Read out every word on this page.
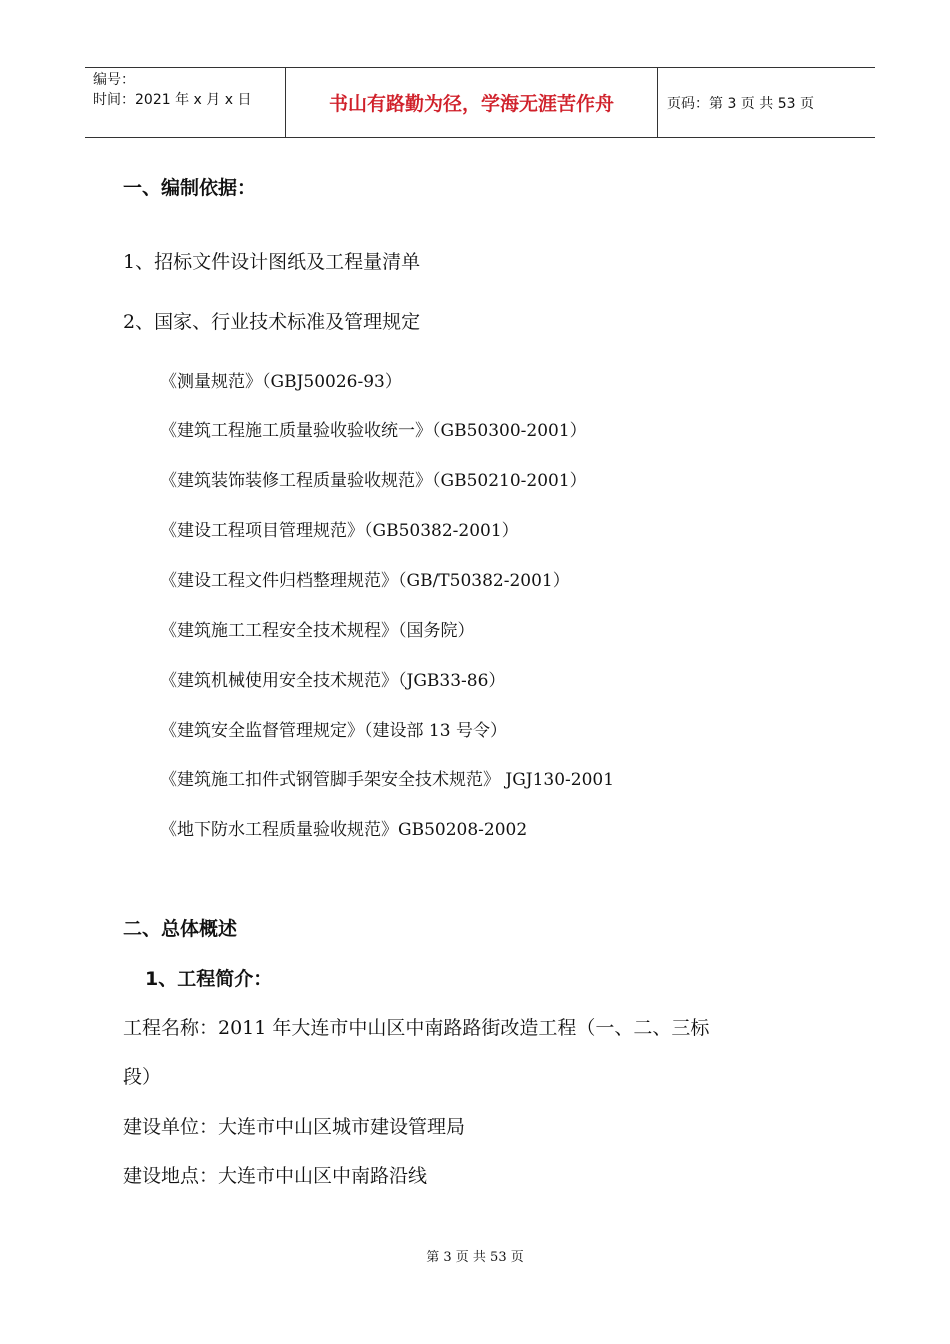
编号：
时间：2021 年 x 月 x 日	书山有路勤为径，学海无涯苦作舟	页码：第 3 页 共 53 页
一、编制依据：
1、招标文件设计图纸及工程量清单
2、国家、行业技术标准及管理规定
《测量规范》（GBJ50026-93）
《建筑工程施工质量验收验收统一》（GB50300-2001）
《建筑装饰装修工程质量验收规范》（GB50210-2001）
《建设工程项目管理规范》（GB50382-2001）
《建设工程文件归档整理规范》（GB/T50382-2001）
《建筑施工工程安全技术规程》（国务院）
《建筑机械使用安全技术规范》（JGB33-86）
《建筑安全监督管理规定》（建设部 13 号令）
《建筑施工扣件式钢管脚手架安全技术规范》 JGJ130-2001
《地下防水工程质量验收规范》GB50208-2002
二、总体概述
1、工程简介：
工程名称：2011 年大连市中山区中南路路街改造工程（一、二、三标
段）
建设单位：大连市中山区城市建设管理局
建设地点：大连市中山区中南路沿线
第 3 页 共 53 页
